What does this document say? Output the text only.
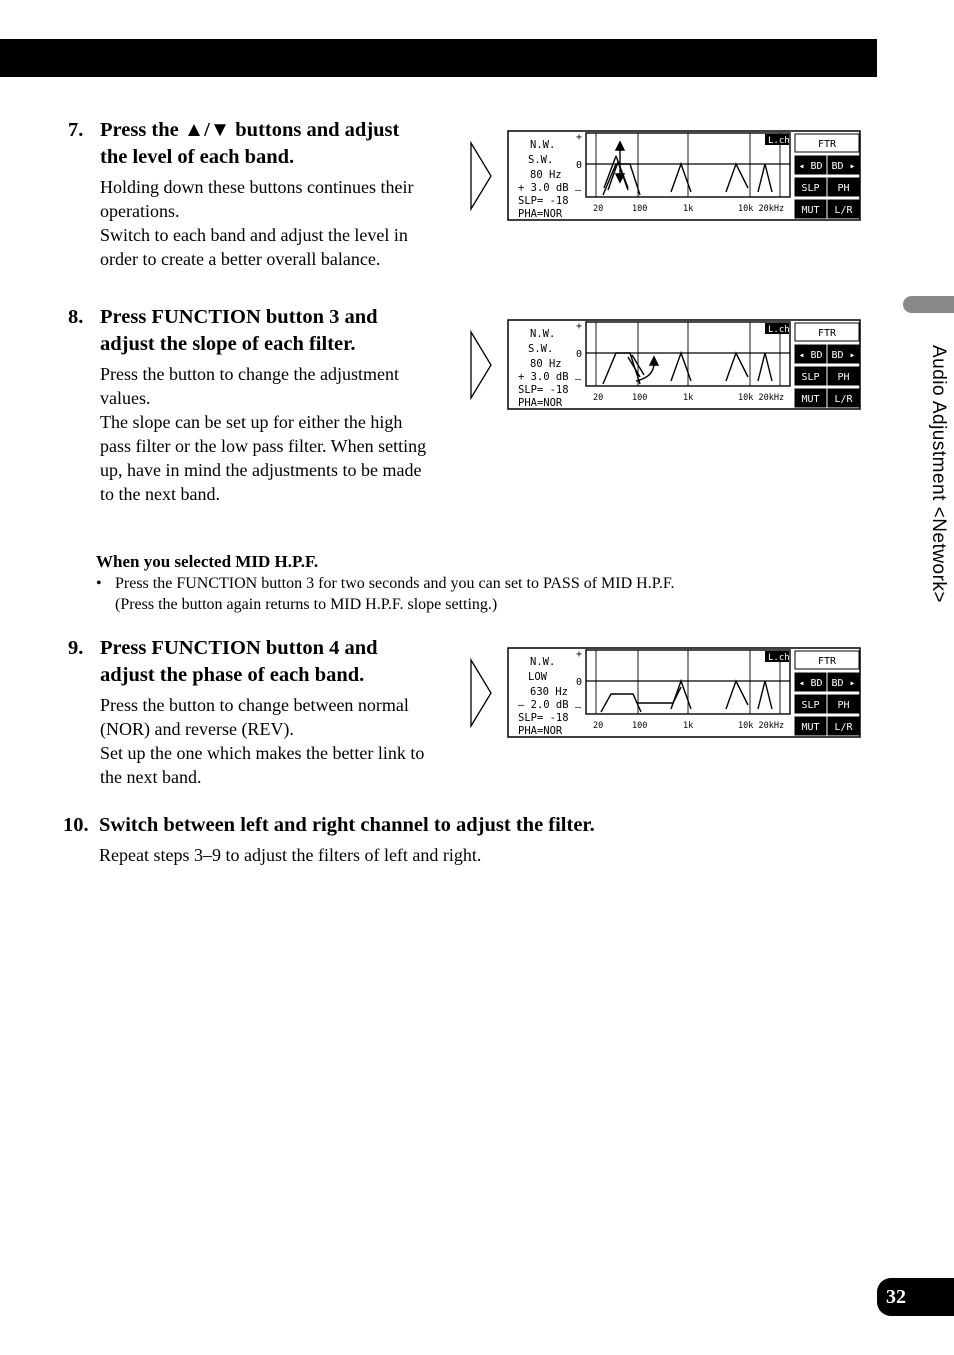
Audio Adjustment <Network>
7. Press the ▲/▼ buttons and adjust the level of each band.
Holding down these buttons continues their operations.
Switch to each band and adjust the level in order to create a better overall balance.
8. Press FUNCTION button 3 and adjust the slope of each filter.
Press the button to change the adjustment values.
The slope can be set up for either the high pass filter or the low pass filter. When setting up, have in mind the adjustments to be made to the next band.
When you selected MID H.P.F.
• Press the FUNCTION button 3 for two seconds and you can set to PASS of MID H.P.F.
(Press the button again returns to MID H.P.F. slope setting.)
9. Press FUNCTION button 4 and adjust the phase of each band.
Press the button to change between normal (NOR) and reverse (REV).
Set up the one which makes the better link to the next band.
10. Switch between left and right channel to adjust the filter.
Repeat steps 3–9 to adjust the filters of left and right.
N.W.
S.W.
80 Hz
+ 3.0 dB
SLP= -18
PHA=NOR
+
0
–
L.ch
20	100	1k	10k 20kHz
FTR
◂ BD BD ▸
SLP PH
MUT L/R
N.W.
S.W.
80 Hz
+ 3.0 dB
SLP= -18
PHA=NOR
+
0
–
L.ch
20	100	1k	10k 20kHz
FTR
◂ BD BD ▸
SLP PH
MUT L/R
N.W.
LOW
630 Hz
– 2.0 dB
SLP= -18
PHA=NOR
+
0
–
L.ch
20	100	1k	10k 20kHz
FTR
◂ BD BD ▸
SLP PH
MUT L/R
32
